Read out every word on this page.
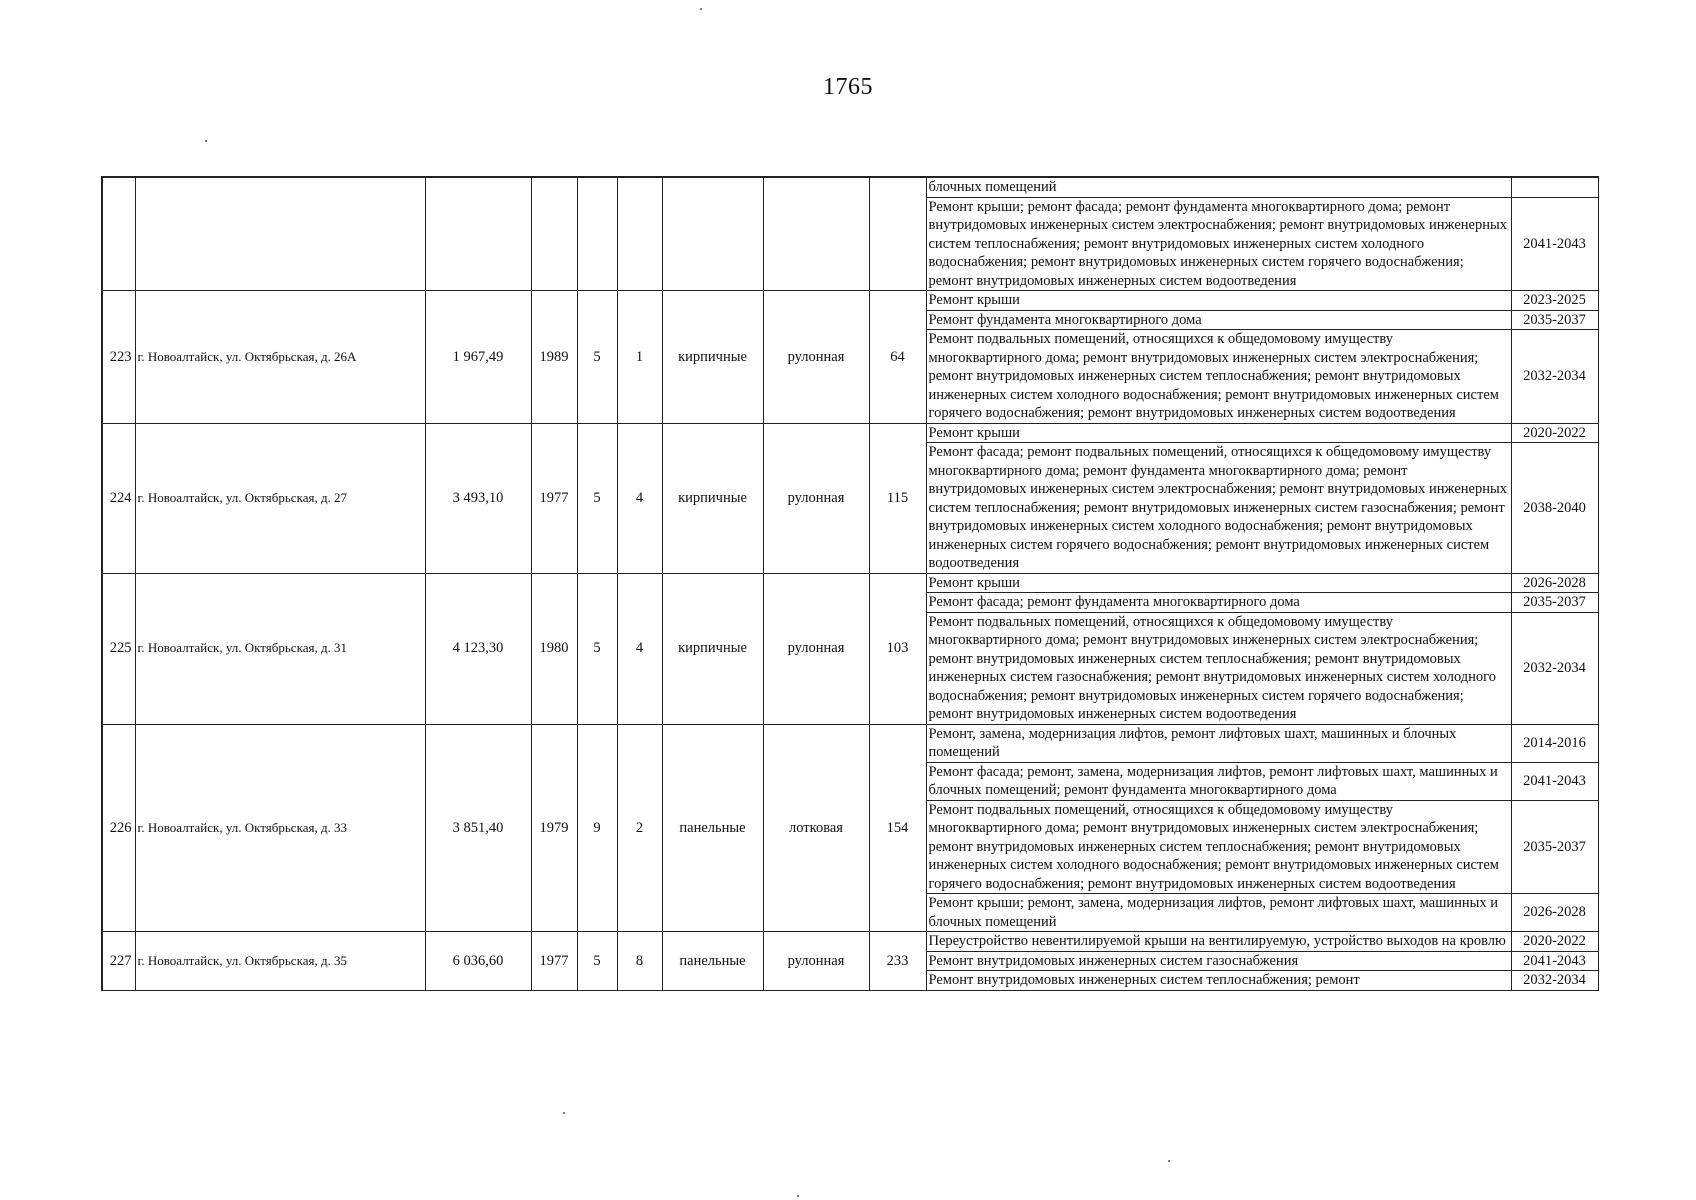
1765
									блочных помещений	
									Ремонт крыши; ремонт фасада; ремонт фундамента многоквартирного дома; ремонт внутридомовых инженерных систем электроснабжения; ремонт внутридомовых инженерных систем теплоснабжения; ремонт внутридомовых инженерных систем холодного водоснабжения; ремонт внутридомовых инженерных систем горячего водоснабжения; ремонт внутридомовых инженерных систем водоотведения	2041-2043
223	г. Новоалтайск, ул. Октябрьская, д. 26А	1 967,49	1989	5	1	кирпичные	рулонная	64	Ремонт крыши	2023-2025
									Ремонт фундамента многоквартирного дома	2035-2037
									Ремонт подвальных помещений, относящихся к общедомовому имуществу многоквартирного дома; ремонт внутридомовых инженерных систем электроснабжения; ремонт внутридомовых инженерных систем теплоснабжения; ремонт внутридомовых инженерных систем холодного водоснабжения; ремонт внутридомовых инженерных систем горячего водоснабжения; ремонт внутридомовых инженерных систем водоотведения	2032-2034
224	г. Новоалтайск, ул. Октябрьская, д. 27	3 493,10	1977	5	4	кирпичные	рулонная	115	Ремонт крыши	2020-2022
									Ремонт фасада; ремонт подвальных помещений, относящихся к общедомовому имуществу многоквартирного дома; ремонт фундамента многоквартирного дома; ремонт внутридомовых инженерных систем электроснабжения; ремонт внутридомовых инженерных систем теплоснабжения; ремонт внутридомовых инженерных систем газоснабжения; ремонт внутридомовых инженерных систем холодного водоснабжения; ремонт внутридомовых инженерных систем горячего водоснабжения; ремонт внутридомовых инженерных систем водоотведения	2038-2040
225	г. Новоалтайск, ул. Октябрьская, д. 31	4 123,30	1980	5	4	кирпичные	рулонная	103	Ремонт крыши	2026-2028
									Ремонт фасада; ремонт фундамента многоквартирного дома	2035-2037
									Ремонт подвальных помещений, относящихся к общедомовому имуществу многоквартирного дома; ремонт внутридомовых инженерных систем электроснабжения; ремонт внутридомовых инженерных систем теплоснабжения; ремонт внутридомовых инженерных систем газоснабжения; ремонт внутридомовых инженерных систем холодного водоснабжения; ремонт внутридомовых инженерных систем горячего водоснабжения; ремонт внутридомовых инженерных систем водоотведения	2032-2034
226	г. Новоалтайск, ул. Октябрьская, д. 33	3 851,40	1979	9	2	панельные	лотковая	154	Ремонт, замена, модернизация лифтов, ремонт лифтовых шахт, машинных и блочных помещений	2014-2016
									Ремонт фасада; ремонт, замена, модернизация лифтов, ремонт лифтовых шахт, машинных и блочных помещений; ремонт фундамента многоквартирного дома	2041-2043
									Ремонт подвальных помещений, относящихся к общедомовому имуществу многоквартирного дома; ремонт внутридомовых инженерных систем электроснабжения; ремонт внутридомовых инженерных систем теплоснабжения; ремонт внутридомовых инженерных систем холодного водоснабжения; ремонт внутридомовых инженерных систем горячего водоснабжения; ремонт внутридомовых инженерных систем водоотведения	2035-2037
									Ремонт крыши; ремонт, замена, модернизация лифтов, ремонт лифтовых шахт, машинных и блочных помещений	2026-2028
227	г. Новоалтайск, ул. Октябрьская, д. 35	6 036,60	1977	5	8	панельные	рулонная	233	Переустройство невентилируемой крыши на вентилируемую, устройство выходов на кровлю	2020-2022
									Ремонт внутридомовых инженерных систем газоснабжения	2041-2043
									Ремонт внутридомовых инженерных систем теплоснабжения; ремонт	2032-2034
